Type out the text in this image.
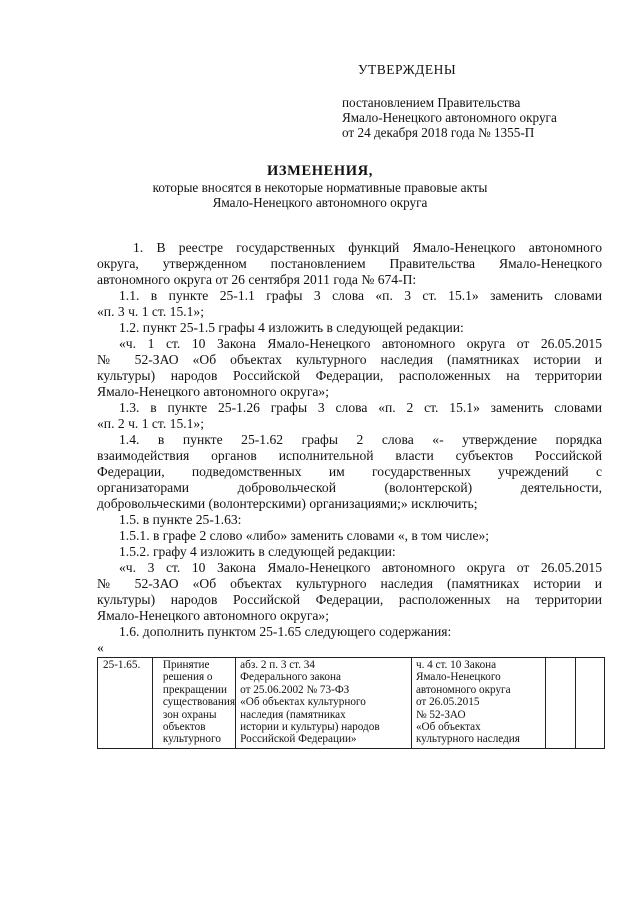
УТВЕРЖДЕНЫ
постановлением Правительства
Ямало-Ненецкого автономного округа
от 24 декабря 2018 года № 1355-П
ИЗМЕНЕНИЯ,
которые вносятся в некоторые нормативные правовые акты
Ямало-Ненецкого автономного округа
1. В реестре государственных функций Ямало-Ненецкого автономного
округа, утвержденном постановлением Правительства Ямало-Ненецкого
автономного округа от 26 сентября 2011 года № 674-П:
1.1. в пункте 25-1.1 графы 3 слова «п. 3 ст. 15.1» заменить словами
«п. 3 ч. 1 ст. 15.1»;
1.2. пункт 25-1.5 графы 4 изложить в следующей редакции:
«ч. 1 ст. 10 Закона Ямало-Ненецкого автономного округа от 26.05.2015
№ 52-ЗАО «Об объектах культурного наследия (памятниках истории и
культуры) народов Российской Федерации, расположенных на территории
Ямало-Ненецкого автономного округа»;
1.3. в пункте 25-1.26 графы 3 слова «п. 2 ст. 15.1» заменить словами
«п. 2 ч. 1 ст. 15.1»;
1.4. в пункте 25-1.62 графы 2 слова «- утверждение порядка
взаимодействия органов исполнительной власти субъектов Российской
Федерации, подведомственных им государственных учреждений с
организаторами добровольческой (волонтерской) деятельности,
добровольческими (волонтерскими) организациями;» исключить;
1.5. в пункте 25-1.63:
1.5.1. в графе 2 слово «либо» заменить словами «, в том числе»;
1.5.2. графу 4 изложить в следующей редакции:
«ч. 3 ст. 10 Закона Ямало-Ненецкого автономного округа от 26.05.2015
№ 52-ЗАО «Об объектах культурного наследия (памятниках истории и
культуры) народов Российской Федерации, расположенных на территории
Ямало-Ненецкого автономного округа»;
1.6. дополнить пунктом 25-1.65 следующего содержания:
«
25-1.65.	Принятие
решения о
прекращении
существования
зон охраны
объектов
культурного

абз. 2 п. 3 ст. 34
Федерального закона
от 25.06.2002 № 73-ФЗ
«Об объектах культурного
наследия (памятниках
истории и культуры) народов
Российской Федерации»

ч. 4 ст. 10 Закона
Ямало-Ненецкого
автономного округа
от 26.05.2015
№ 52-ЗАО
«Об объектах
культурного наследия
